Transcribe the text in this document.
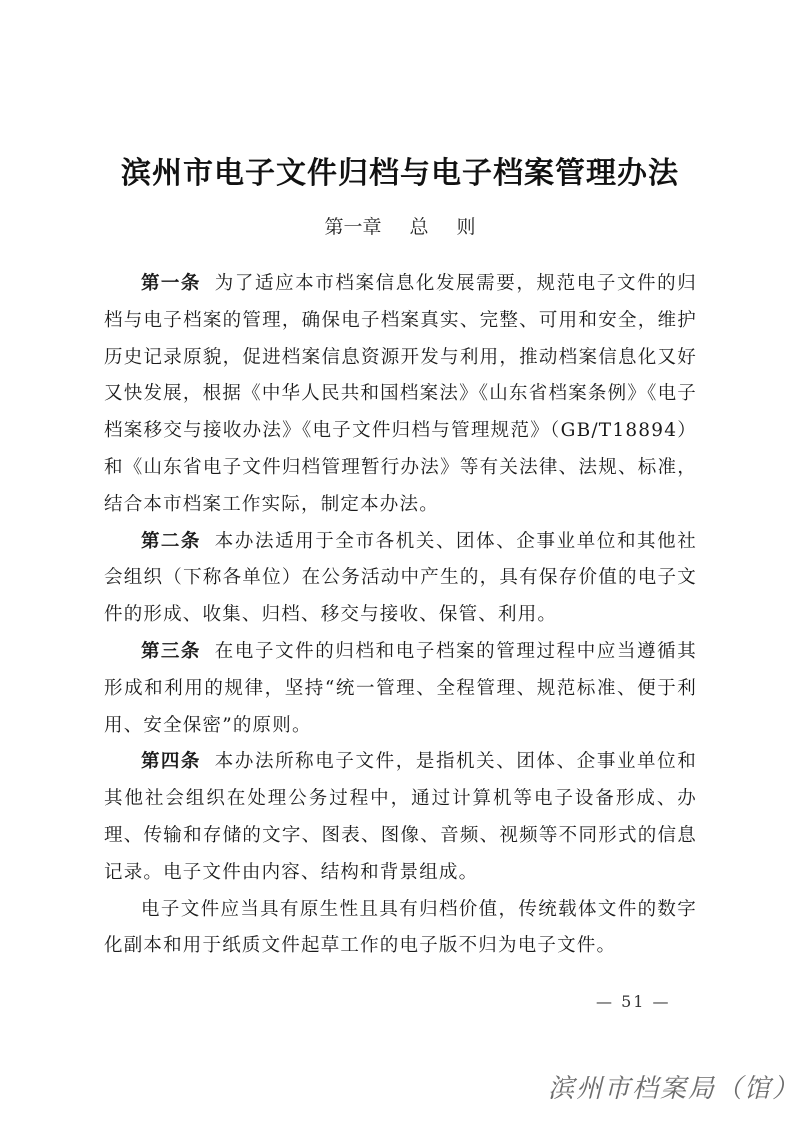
滨州市电子文件归档与电子档案管理办法
第一章 总 则

第一条 为了适应本市档案信息化发展需要，规范电子文件的归档与电子档案的管理，确保电子档案真实、完整、可用和安全，维护历史记录原貌，促进档案信息资源开发与利用，推动档案信息化又好又快发展，根据《中华人民共和国档案法》《山东省档案条例》《电子档案移交与接收办法》《电子文件归档与管理规范》（GB/T18894）和《山东省电子文件归档管理暂行办法》等有关法律、法规、标准，结合本市档案工作实际，制定本办法。

第二条 本办法适用于全市各机关、团体、企事业单位和其他社会组织（下称各单位）在公务活动中产生的，具有保存价值的电子文件的形成、收集、归档、移交与接收、保管、利用。

第三条 在电子文件的归档和电子档案的管理过程中应当遵循其形成和利用的规律，坚持“统一管理、全程管理、规范标准、便于利用、安全保密”的原则。

第四条 本办法所称电子文件，是指机关、团体、企事业单位和其他社会组织在处理公务过程中，通过计算机等电子设备形成、办理、传输和存储的文字、图表、图像、音频、视频等不同形式的信息记录。电子文件由内容、结构和背景组成。

电子文件应当具有原生性且具有归档价值，传统载体文件的数字化副本和用于纸质文件起草工作的电子版不归为电子文件。

— 51 —
滨州市档案局（馆）
